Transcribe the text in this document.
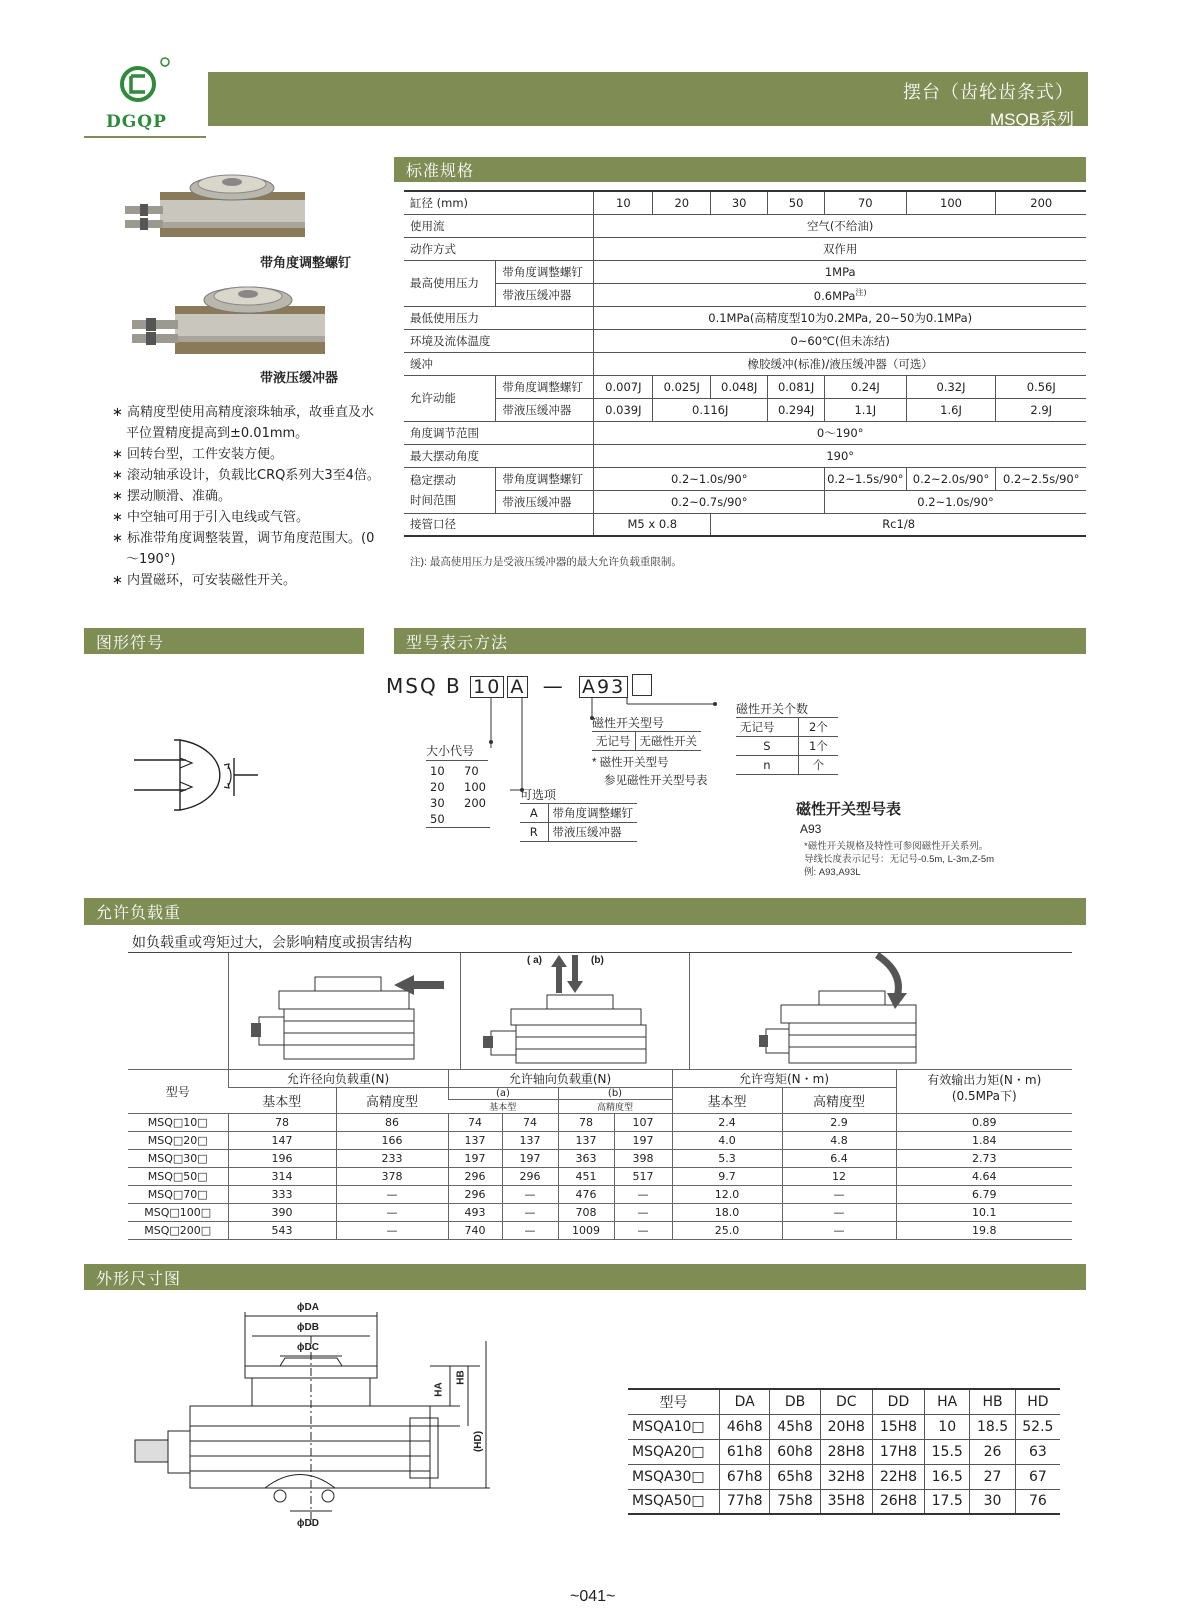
DGQP
摆台（齿轮齿条式）
MSQB系列
带角度调整螺钉
带液压缓冲器
∗ 高精度型使用高精度滚珠轴承，故垂直及水平位置精度提高到±0.01mm。
∗ 回转台型，工件安装方便。
∗ 滚动轴承设计，负载比CRQ系列大3至4倍。
∗ 摆动顺滑、准确。
∗ 中空轴可用于引入电线或气管。
∗ 标准带角度调整装置，调节角度范围大。(0～190°)
∗ 内置磁环，可安装磁性开关。
标准规格
缸径 (mm)		10	20	30	50	70	100	200
使用流		空气(不给油)						
动作方式		双作用						
最高使用压力	带角度调整螺钉	1MPa						
	带液压缓冲器	0.6MPa$^{注)}$
最低使用压力		0.1MPa(高精度型10为0.2MPa, 20~50为0.1MPa)						
环境及流体温度		0~60℃(但未冻结)						
缓冲		橡胶缓冲(标准)/液压缓冲器（可选）						
允许动能	带角度调整螺钉	0.007J	0.025J	0.048J	0.081J	0.24J	0.32J	0.56J
	带液压缓冲器	0.039J	0.116J		0.294J	1.1J	1.6J	2.9J
角度调节范围		0～190°						
最大摆动角度		190°						
稳定摆动
时间范围	带角度调整螺钉	0.2~1.0s/90°				0.2~1.5s/90°	0.2~2.0s/90°	0.2~2.5s/90°
	带液压缓冲器	0.2~0.7s/90°				0.2~1.0s/90°		
接管口径		M5 x 0.8		Rc1/8				
注): 最高使用压力是受液压缓冲器的最大允许负载重限制。
图形符号	型号表示方法
MSQ B 10 A — A93
大小代号
10	70
20	100
30	200
50	
可选项
A	带角度调整螺钉
R	带液压缓冲器
磁性开关型号
无记号	无磁性开关
* 磁性开关型号
参见磁性开关型号表
磁性开关个数
无记号	2个
S	1个
n	个
磁性开关型号表
A93
*磁性开关规格及特性可参阅磁性开关系列。
导线长度表示记号：无记号-0.5m, L-3m,Z-5m
例: A93,A93L
允许负载重
如负载重或弯矩过大，会影响精度或损害结构
( a)	(b)
型号	允许径向负载重(N)		允许轴向负载重(N)				允许弯矩(N・m)		有效输出力矩(N・m)
(0.5MPa下)
	基本型	高精度型	(a)		(b)		基本型	高精度型	
			基本型		高精度型				
MSQ□10□	78	86	74	74	78	107	2.4	2.9	0.89
MSQ□20□	147	166	137	137	137	197	4.0	4.8	1.84
MSQ□30□	196	233	197	197	363	398	5.3	6.4	2.73
MSQ□50□	314	378	296	296	451	517	9.7	12	4.64
MSQ□70□	333	—	296	—	476	—	12.0	—	6.79
MSQ□100□	390	—	493	—	708	—	18.0	—	10.1
MSQ□200□	543	—	740	—	1009	—	25.0	—	19.8
外形尺寸图
ϕDA
ϕDB
ϕDC
ϕDD
HA
HB
(HD)
型号	DA	DB	DC	DD	HA	HB	HD
MSQA10□	46h8	45h8	20H8	15H8	10	18.5	52.5
MSQA20□	61h8	60h8	28H8	17H8	15.5	26	63
MSQA30□	67h8	65h8	32H8	22H8	16.5	27	67
MSQA50□	77h8	75h8	35H8	26H8	17.5	30	76
~041~
